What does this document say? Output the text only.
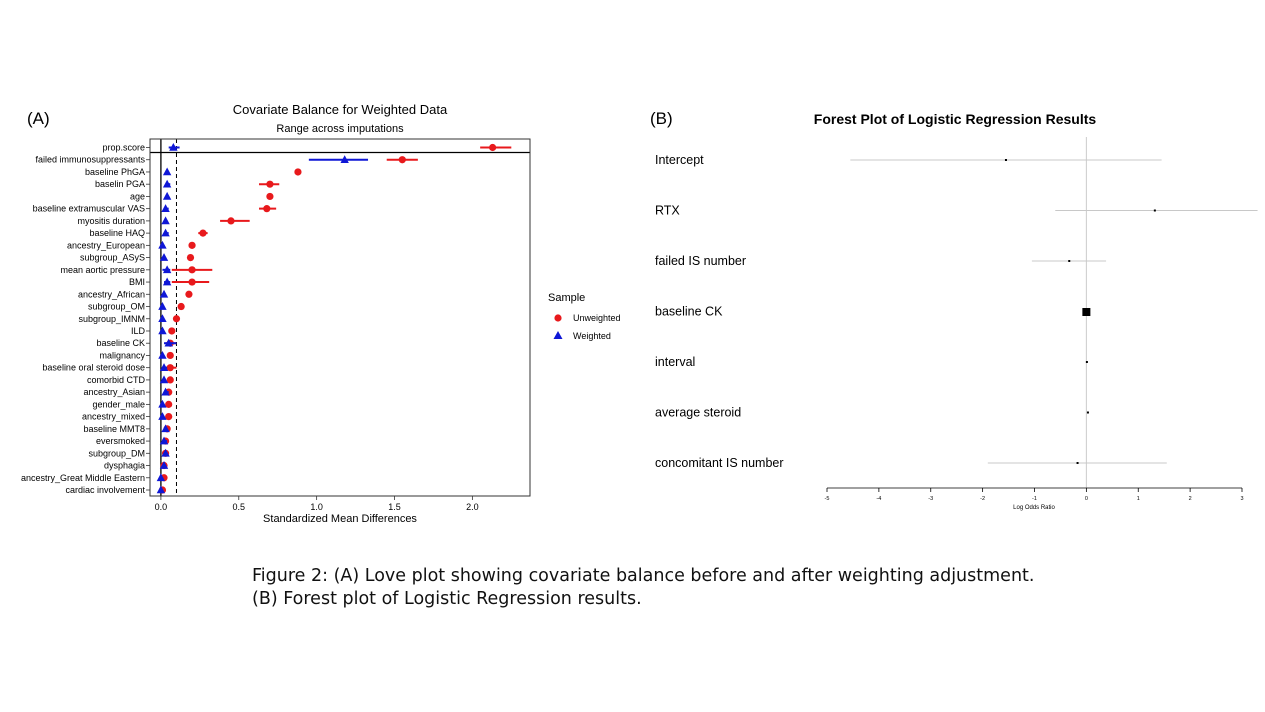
(A)	(B)
Covariate Balance for Weighted Data
Range across imputations
prop.score
failed immunosuppressants
baseline PhGA
baselin PGA
age
baseline extramuscular VAS
myositis duration
baseline HAQ
ancestry_European
subgroup_ASyS
mean aortic pressure
BMI
ancestry_African
subgroup_OM
subgroup_IMNM
ILD
baseline CK
malignancy
baseline oral steroid dose
comorbid CTD
ancestry_Asian
gender_male
ancestry_mixed
baseline MMT8
eversmoked
subgroup_DM
dysphagia
ancestry_Great Middle Eastern
cardiac involvement
0.0	0.5	1.0	1.5	2.0
Standardized Mean Differences
Sample
Unweighted
Weighted
Forest Plot of Logistic Regression Results
Intercept
RTX
failed IS number
baseline CK
interval
average steroid
concomitant IS number
-5	-4	-3	-2	-1	0	1	2	3
Log Odds Ratio
Figure 2: (A) Love plot showing covariate balance before and after weighting adjustment.
(B) Forest plot of Logistic Regression results.
